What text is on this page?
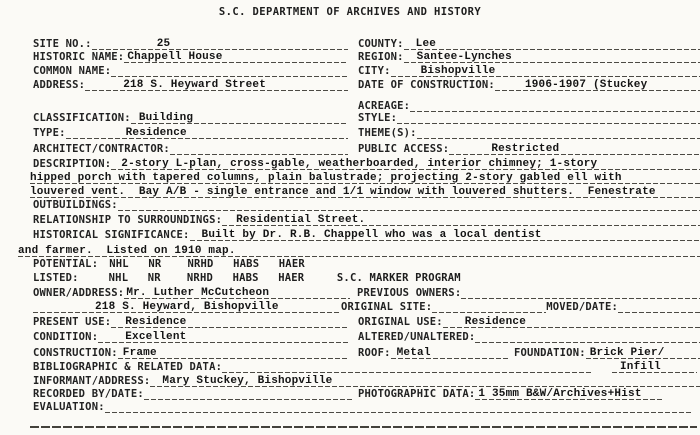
S.C. DEPARTMENT OF ARCHIVES AND HISTORY
SITE NO.:	25	COUNTY:	Lee
HISTORIC NAME: Chappell House	REGION:	Santee-Lynches
COMMON NAME:	CITY:	Bishopville
ADDRESS:	218 S. Heyward Street	DATE OF CONSTRUCTION:	1906-1907 (Stuckey
ACREAGE:
CLASSIFICATION: Building	STYLE:
TYPE:	Residence	THEME(S):
ARCHITECT/CONTRACTOR:	PUBLIC ACCESS:	Restricted
DESCRIPTION: 2-story L-plan, cross-gable, weatherboarded, interior chimney; 1-story
hipped porch with tapered columns, plain balustrade; projecting 2-story gabled ell with
louvered vent.  Bay A/B - single entrance and 1/1 window with louvered shutters.  Fenestrate
OUTBUILDINGS:
RELATIONSHIP TO SURROUNDINGS:	Residential Street.
HISTORICAL SIGNIFICANCE:	Built by Dr. R.B. Chappell who was a local dentist
and farmer.  Listed on 1910 map.
POTENTIAL:	NHL   NR    NRHD   HABS   HAER
LISTED:	NHL   NR    NRHD   HABS   HAER     S.C. MARKER PROGRAM
OWNER/ADDRESS: Mr. Luther McCutcheon	PREVIOUS OWNERS:
218 S. Heyward, Bishopville	ORIGINAL SITE:	MOVED/DATE:
PRESENT USE:	Residence	ORIGINAL USE:	Residence
CONDITION:	Excellent	ALTERED/UNALTERED:
CONSTRUCTION: Frame	ROOF: Metal	FOUNDATION: Brick Pier/
BIBLIOGRAPHIC & RELATED DATA:	Infill
INFORMANT/ADDRESS:	Mary Stuckey, Bishopville
RECORDED BY/DATE:	PHOTOGRAPHIC DATA: 1 35mm B&W/Archives+Hist
EVALUATION:
